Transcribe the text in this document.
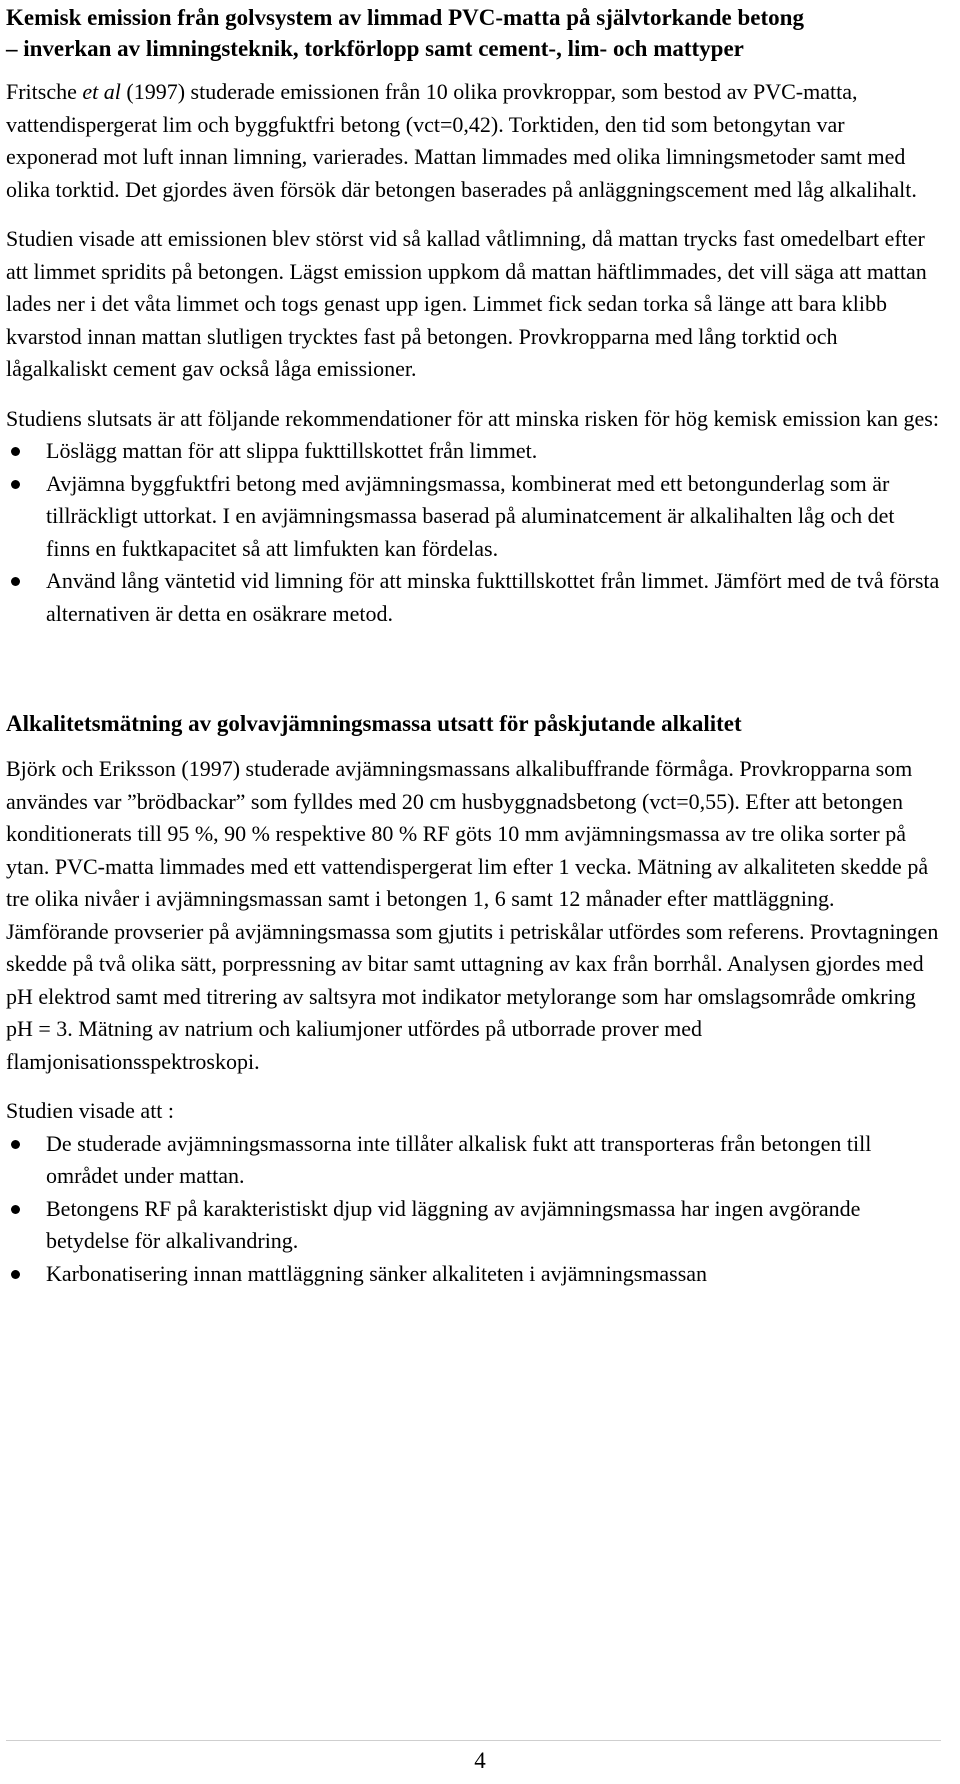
Kemisk emission från golvsystem av limmad PVC-matta på självtorkande betong
– inverkan av limningsteknik, torkförlopp samt cement-, lim- och mattyper

Fritsche et al (1997) studerade emissionen från 10 olika provkroppar, som bestod av PVC-matta, vattendispergerat lim och byggfuktfri betong (vct=0,42). Torktiden, den tid som betongytan var exponerad mot luft innan limning, varierades. Mattan limmades med olika limningsmetoder samt med olika torktid. Det gjordes även försök där betongen baserades på anläggningscement med låg alkalihalt.

Studien visade att emissionen blev störst vid så kallad våtlimning, då mattan trycks fast omedelbart efter att limmet spridits på betongen. Lägst emission uppkom då mattan häftlimmades, det vill säga att mattan lades ner i det våta limmet och togs genast upp igen. Limmet fick sedan torka så länge att bara klibb kvarstod innan mattan slutligen trycktes fast på betongen. Provkropparna med lång torktid och lågalkaliskt cement gav också låga emissioner.

Studiens slutsats är att följande rekommendationer för att minska risken för hög kemisk emission kan ges:

Löslägg mattan för att slippa fukttillskottet från limmet.
Avjämna byggfuktfri betong med avjämningsmassa, kombinerat med ett betongunderlag som är tillräckligt uttorkat. I en avjämningsmassa baserad på aluminatcement är alkalihalten låg och det finns en fuktkapacitet så att limfukten kan fördelas.
Använd lång väntetid vid limning för att minska fukttillskottet från limmet. Jämfört med de två första alternativen är detta en osäkrare metod.
Alkalitetsmätning av golvavjämningsmassa utsatt för påskjutande alkalitet

Björk och Eriksson (1997) studerade avjämningsmassans alkalibuffrande förmåga. Provkropparna som användes var ”brödbackar” som fylldes med 20 cm husbyggnadsbetong (vct=0,55). Efter att betongen konditionerats till 95 %, 90 % respektive 80 % RF göts 10 mm avjämningsmassa av tre olika sorter på ytan. PVC-matta limmades med ett vattendispergerat lim efter 1 vecka. Mätning av alkaliteten skedde på tre olika nivåer i avjämningsmassan samt i betongen 1, 6 samt 12 månader efter mattläggning. Jämförande provserier på avjämningsmassa som gjutits i petriskålar utfördes som referens. Provtagningen skedde på två olika sätt, porpressning av bitar samt uttagning av kax från borrhål. Analysen gjordes med pH elektrod samt med titrering av saltsyra mot indikator metylorange som har omslagsområde omkring pH = 3. Mätning av natrium och kaliumjoner utfördes på utborrade prover med flamjonisationsspektroskopi.

Studien visade att :

De studerade avjämningsmassorna inte tillåter alkalisk fukt att transporteras från betongen till området under mattan.
Betongens RF på karakteristiskt djup vid läggning av avjämningsmassa har ingen avgörande betydelse för alkalivandring.
Karbonatisering innan mattläggning sänker alkaliteten i avjämningsmassan
4
